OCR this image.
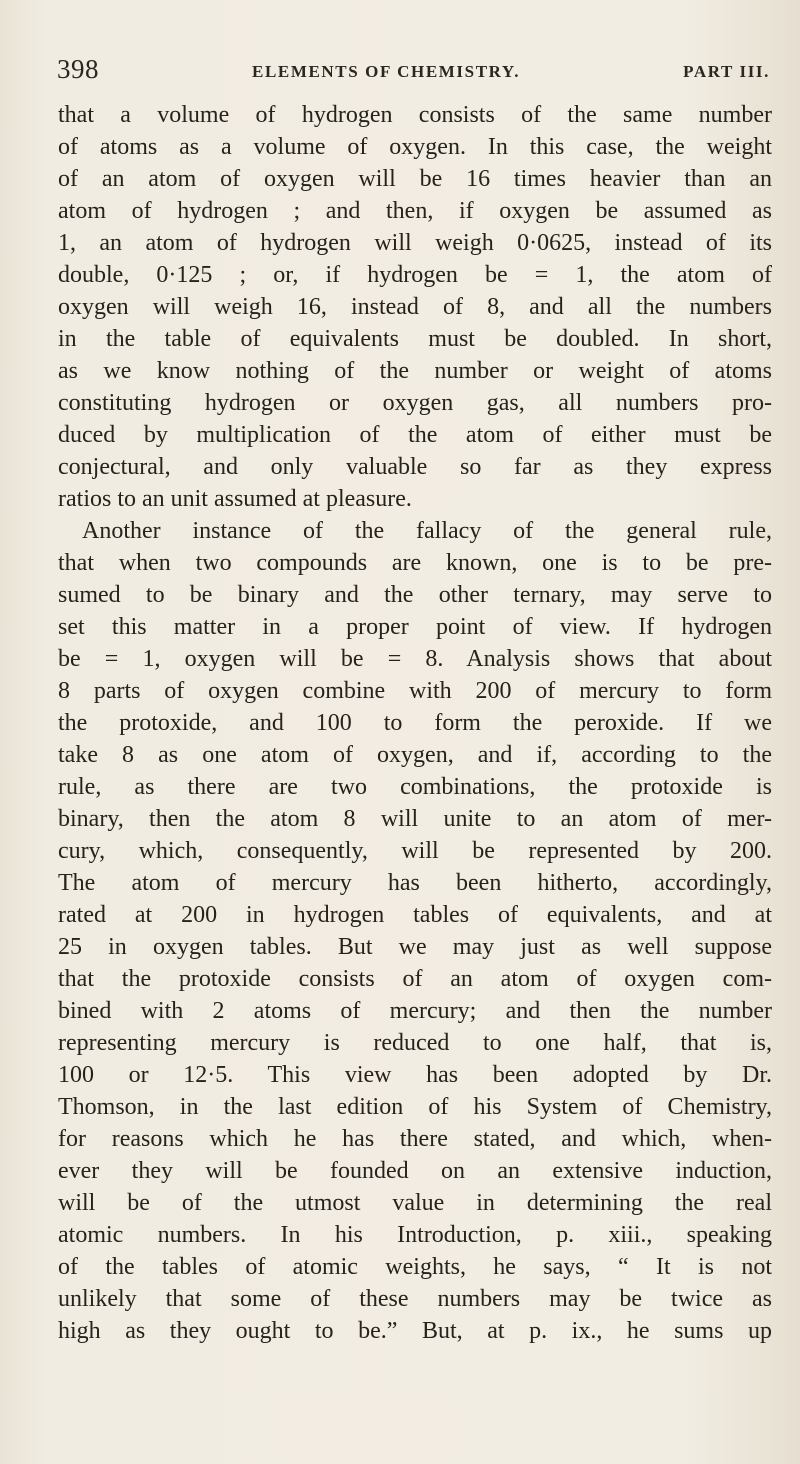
398	ELEMENTS OF CHEMISTRY.	PART III.
that a volume of hydrogen consists of the same number
of atoms as a volume of oxygen. In this case, the weight
of an atom of oxygen will be 16 times heavier than an
atom of hydrogen ; and then, if oxygen be assumed as
1, an atom of hydrogen will weigh 0·0625, instead of its
double, 0·125 ; or, if hydrogen be = 1, the atom of
oxygen will weigh 16, instead of 8, and all the numbers
in the table of equivalents must be doubled. In short,
as we know nothing of the number or weight of atoms
constituting hydrogen or oxygen gas, all numbers pro-
duced by multiplication of the atom of either must be
conjectural, and only valuable so far as they express
ratios to an unit assumed at pleasure.
Another instance of the fallacy of the general rule,
that when two compounds are known, one is to be pre-
sumed to be binary and the other ternary, may serve to
set this matter in a proper point of view. If hydrogen
be = 1, oxygen will be = 8. Analysis shows that about
8 parts of oxygen combine with 200 of mercury to form
the protoxide, and 100 to form the peroxide. If we
take 8 as one atom of oxygen, and if, according to the
rule, as there are two combinations, the protoxide is
binary, then the atom 8 will unite to an atom of mer-
cury, which, consequently, will be represented by 200.
The atom of mercury has been hitherto, accordingly,
rated at 200 in hydrogen tables of equivalents, and at
25 in oxygen tables. But we may just as well suppose
that the protoxide consists of an atom of oxygen com-
bined with 2 atoms of mercury; and then the number
representing mercury is reduced to one half, that is,
100 or 12·5. This view has been adopted by Dr.
Thomson, in the last edition of his System of Chemistry,
for reasons which he has there stated, and which, when-
ever they will be founded on an extensive induction,
will be of the utmost value in determining the real
atomic numbers. In his Introduction, p. xiii., speaking
of the tables of atomic weights, he says, “ It is not
unlikely that some of these numbers may be twice as
high as they ought to be.” But, at p. ix., he sums up
